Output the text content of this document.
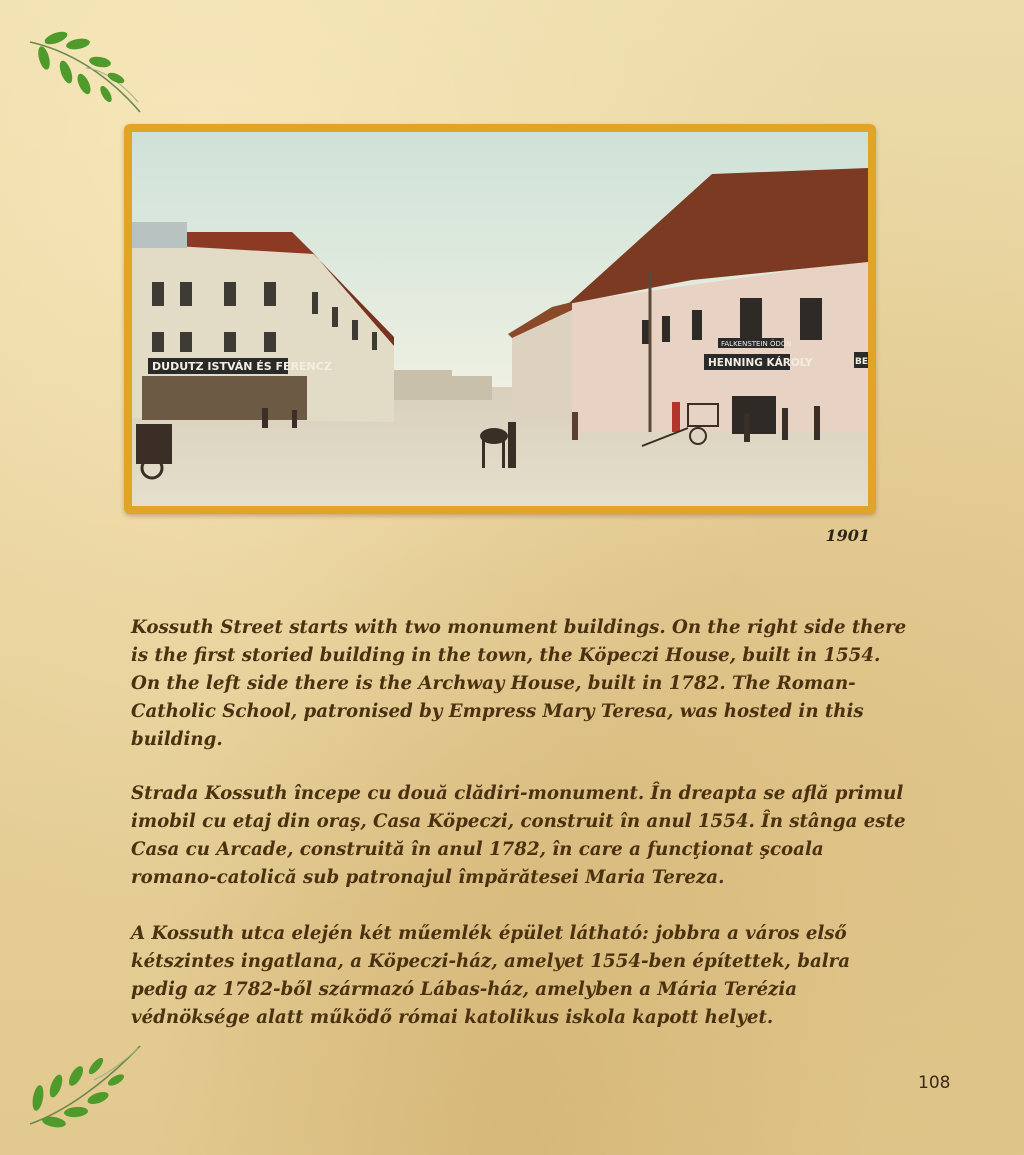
DUDUTZ ISTVÁN ÉS FERENCZ
FALKENSTEIN ÖDÖN
HENNING KÁROLY	BE
1901

Kossuth Street starts with two monument buildings. On the right side there is the first storied building in the town, the Köpeczi House, built in 1554. On the left side there is the Archway House, built in 1782. The Roman-Catholic School, patronised by Empress Mary Teresa, was hosted in this building.

Strada Kossuth începe cu două clădiri-monument. În dreapta se află primul imobil cu etaj din oraş, Casa Köpeczi, construit în anul 1554. În stânga este Casa cu Arcade, construită în anul 1782, în care a funcţionat şcoala romano-catolică sub patronajul împărătesei Maria Tereza.

A Kossuth utca elején két műemlék épület látható: jobbra a város első kétszintes ingatlana, a Köpeczi-ház, amelyet 1554-ben építettek, balra pedig az 1782-ből származó Lábas-ház, amelyben a Mária Terézia védnöksége alatt működő római katolikus iskola kapott helyet.

108
